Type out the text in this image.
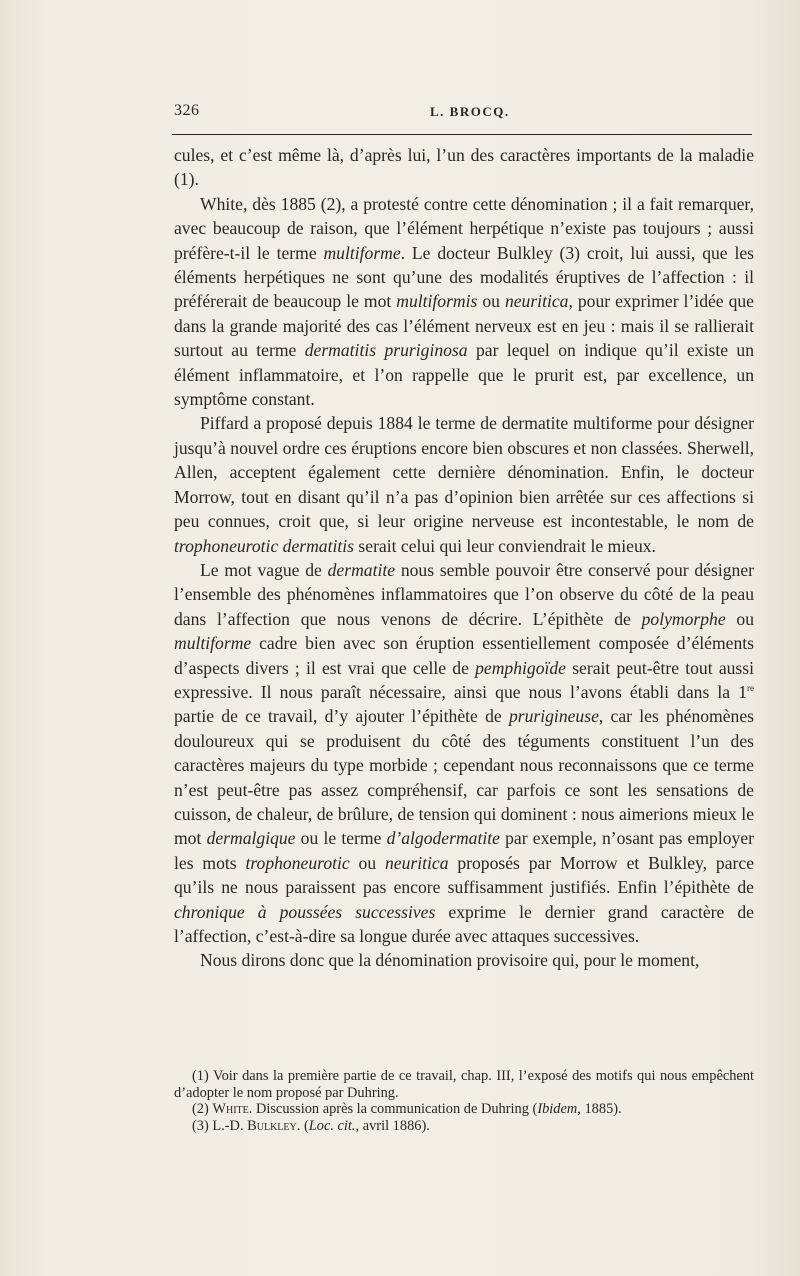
326	L. BROCQ.

cules, et c’est même là, d’après lui, l’un des caractères importants de la maladie (1).

White, dès 1885 (2), a protesté contre cette dénomination ; il a fait remarquer, avec beaucoup de raison, que l’élément herpétique n’existe pas toujours ; aussi préfère-t-il le terme multiforme. Le docteur Bulkley (3) croit, lui aussi, que les éléments herpétiques ne sont qu’une des modalités éruptives de l’affection : il préférerait de beaucoup le mot multiformis ou neuritica, pour exprimer l’idée que dans la grande majorité des cas l’élément nerveux est en jeu : mais il se rallierait surtout au terme dermatitis pruriginosa par lequel on indique qu’il existe un élément inflammatoire, et l’on rappelle que le prurit est, par excellence, un symptôme constant.

Piffard a proposé depuis 1884 le terme de dermatite multiforme pour désigner jusqu’à nouvel ordre ces éruptions encore bien obscures et non classées. Sherwell, Allen, acceptent également cette dernière dénomination. Enfin, le docteur Morrow, tout en disant qu’il n’a pas d’opinion bien arrêtée sur ces affections si peu connues, croit que, si leur origine nerveuse est incontestable, le nom de trophoneurotic dermatitis serait celui qui leur conviendrait le mieux.

Le mot vague de dermatite nous semble pouvoir être conservé pour désigner l’ensemble des phénomènes inflammatoires que l’on observe du côté de la peau dans l’affection que nous venons de décrire. L’épithète de polymorphe ou multiforme cadre bien avec son éruption essentiellement composée d’éléments d’aspects divers ; il est vrai que celle de pemphigoïde serait peut-être tout aussi expressive. Il nous paraît nécessaire, ainsi que nous l’avons établi dans la 1re partie de ce travail, d’y ajouter l’épithète de prurigineuse, car les phénomènes douloureux qui se produisent du côté des téguments constituent l’un des caractères majeurs du type morbide ; cependant nous reconnaissons que ce terme n’est peut-être pas assez compréhensif, car parfois ce sont les sensations de cuisson, de chaleur, de brûlure, de tension qui dominent : nous aimerions mieux le mot dermalgique ou le terme d’algodermatite par exemple, n’osant pas employer les mots trophoneurotic ou neuritica proposés par Morrow et Bulkley, parce qu’ils ne nous paraissent pas encore suffisamment justifiés. Enfin l’épithète de chronique à poussées successives exprime le dernier grand caractère de l’affection, c’est-à-dire sa longue durée avec attaques successives.

Nous dirons donc que la dénomination provisoire qui, pour le moment,

(1) Voir dans la première partie de ce travail, chap. III, l’exposé des motifs qui nous empêchent d’adopter le nom proposé par Duhring.

(2) White. Discussion après la communication de Duhring (Ibidem, 1885).

(3) L.-D. Bulkley. (Loc. cit., avril 1886).
